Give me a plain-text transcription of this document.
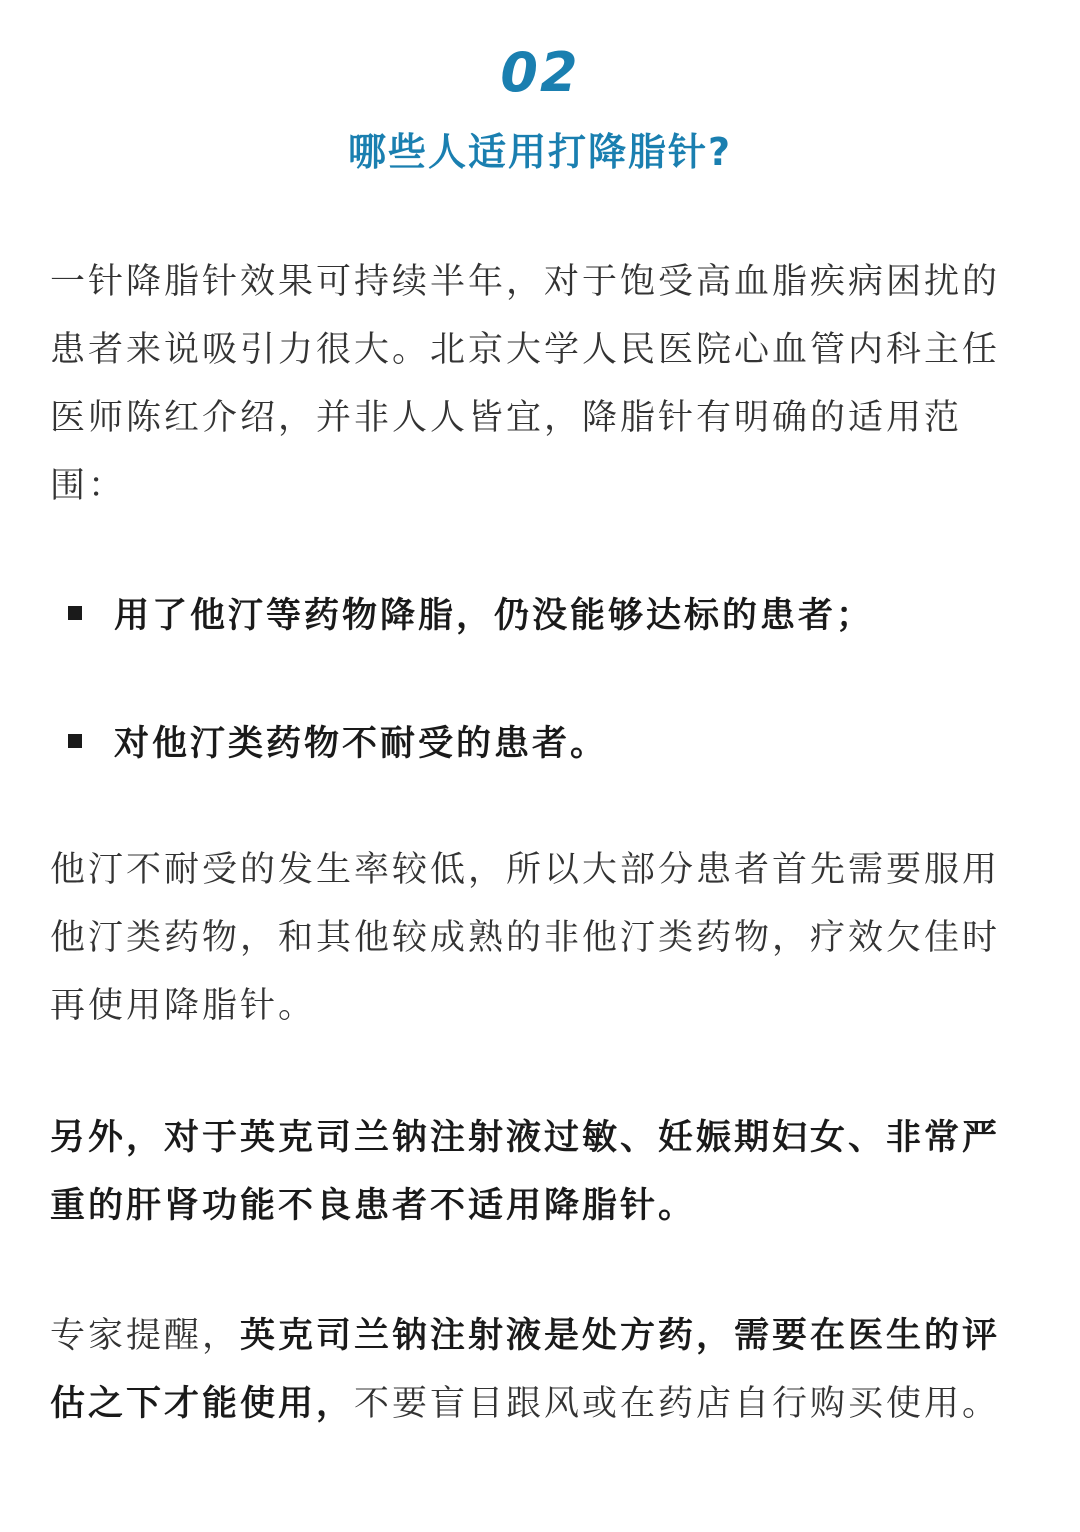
02
哪些人适用打降脂针?

一针降脂针效果可持续半年，对于饱受高血脂疾病困扰的患者来说吸引力很大。北京大学人民医院心血管内科主任医师陈红介绍，并非人人皆宜，降脂针有明确的适用范围：

用了他汀等药物降脂，仍没能够达标的患者；
对他汀类药物不耐受的患者。

他汀不耐受的发生率较低，所以大部分患者首先需要服用他汀类药物，和其他较成熟的非他汀类药物，疗效欠佳时再使用降脂针。

另外，对于英克司兰钠注射液过敏、妊娠期妇女、非常严重的肝肾功能不良患者不适用降脂针。

专家提醒，英克司兰钠注射液是处方药，需要在医生的评估之下才能使用，不要盲目跟风或在药店自行购买使用。
